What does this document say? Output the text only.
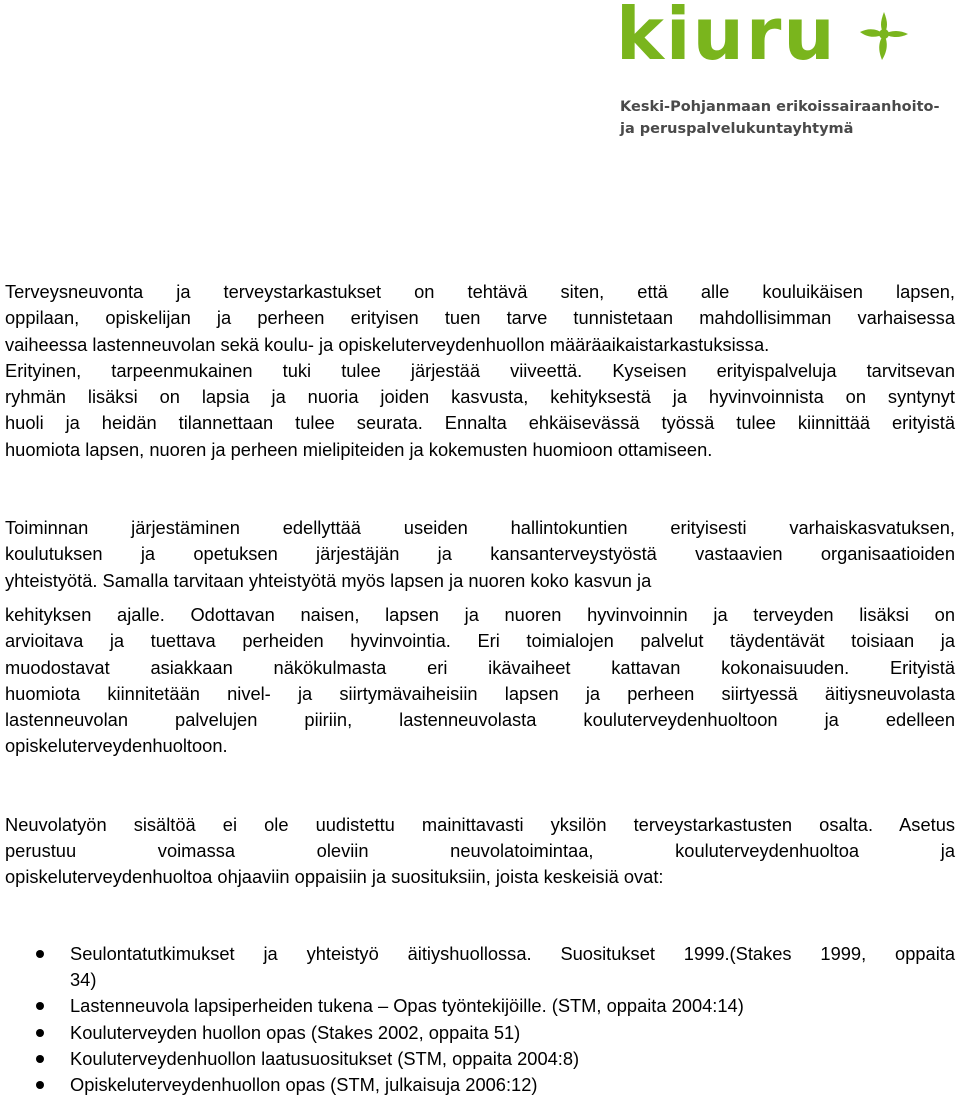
kiuru
Keski-Pohjanmaan erikoissairaanhoito-
ja peruspalvelukuntayhtymä
Terveysneuvonta ja terveystarkastukset on tehtävä siten, että alle kouluikäisen lapsen,
oppilaan, opiskelijan ja perheen erityisen tuen tarve tunnistetaan mahdollisimman varhaisessa
vaiheessa lastenneuvolan sekä koulu- ja opiskeluterveydenhuollon määräaikaistarkastuksissa.
Erityinen, tarpeenmukainen tuki tulee järjestää viiveettä. Kyseisen erityispalveluja tarvitsevan
ryhmän lisäksi on lapsia ja nuoria joiden kasvusta, kehityksestä ja hyvinvoinnista on syntynyt
huoli ja heidän tilannettaan tulee seurata. Ennalta ehkäisevässä työssä tulee kiinnittää erityistä
huomiota lapsen, nuoren ja perheen mielipiteiden ja kokemusten huomioon ottamiseen.
Toiminnan järjestäminen edellyttää useiden hallintokuntien erityisesti varhaiskasvatuksen,
koulutuksen ja opetuksen järjestäjän ja kansanterveystyöstä vastaavien organisaatioiden
yhteistyötä. Samalla tarvitaan yhteistyötä myös lapsen ja nuoren koko kasvun ja
kehityksen ajalle. Odottavan naisen, lapsen ja nuoren hyvinvoinnin ja terveyden lisäksi on
arvioitava ja tuettava perheiden hyvinvointia. Eri toimialojen palvelut täydentävät toisiaan ja
muodostavat asiakkaan näkökulmasta eri ikävaiheet kattavan kokonaisuuden. Erityistä
huomiota kiinnitetään nivel- ja siirtymävaiheisiin lapsen ja perheen siirtyessä äitiysneuvolasta
lastenneuvolan palvelujen piiriin, lastenneuvolasta kouluterveydenhuoltoon ja edelleen
opiskeluterveydenhuoltoon.
Neuvolatyön sisältöä ei ole uudistettu mainittavasti yksilön terveystarkastusten osalta. Asetus
perustuu voimassa oleviin neuvolatoimintaa, kouluterveydenhuoltoa ja
opiskeluterveydenhuoltoa ohjaaviin oppaisiin ja suosituksiin, joista keskeisiä ovat:
Seulontatutkimukset ja yhteistyö äitiyshuollossa. Suositukset 1999.(Stakes 1999, oppaita
34)
Lastenneuvola lapsiperheiden tukena – Opas työntekijöille. (STM, oppaita 2004:14)
Kouluterveyden huollon opas (Stakes 2002, oppaita 51)
Kouluterveydenhuollon laatusuositukset (STM, oppaita 2004:8)
Opiskeluterveydenhuollon opas (STM, julkaisuja 2006:12)
